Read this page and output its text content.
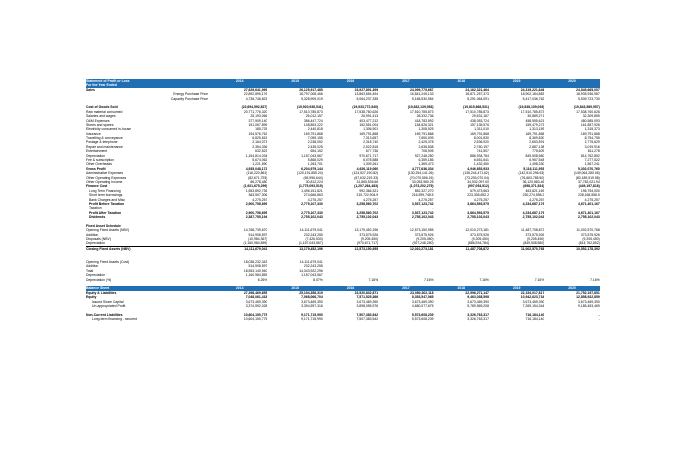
Statement of Profit or Loss	2014	2015	2016	2017	2018	2019	2020
For the Year Ended
Sales	27,629,641,999	26,125,917,485	23,927,891,399	24,099,775,687	24,162,321,464	24,319,221,646	24,545,665,007
Energy Purchase Price	22,892,895,176	18,797,008,466	13,863,654,494	16,841,245,133	18,871,257,373	18,902,184,883	18,935,936,987
Capacity Purchase Price	4,736,746,823	5,328,909,019	5,064,237,335	5,168,530,554	5,291,064,091	5,417,036,762	5,539,723,730
Cost of Goods Sold	(22,694,592,827)	(19,920,938,541)	(19,933,772,540)	(19,832,139,053)	(19,815,668,531)	(19,838,109,093)	(19,843,589,957)
Raw material consumed	20,771,776,320	17,510,785,873	17,538,760,626	17,510,785,873	17,510,785,873	17,510,785,873	17,538,760,626
Salaries and wages	25,193,066	26,012,157	26,991,413	28,332,736	29,531,167	30,889,271	32,309,855
O&M Expenses	377,909,140	386,447,724	403,477,212	418,783,592	438,053,724	458,595,621	480,585,093
Stores and spares	151,067,895	148,853,222	152,551,004	154,826,321	157,135,576	159,479,273	161,857,926
Electricity consumed in-house	185,725	2,440,818	1,306,901	1,308,925	1,311,010	1,313,159	1,315,373
Insurance	194,576,762	169,791,868	169,791,868	169,791,868	169,791,868	169,791,868	169,791,868
Travelling & conveyance	6,825,815	7,059,155	7,313,657	7,650,009	8,001,830	8,369,830	8,754,755
Postage & telephone	2,164,073	2,238,052	2,318,740	2,425,378	2,536,920	2,653,591	2,775,629
Repair and maintenance	2,354,336	2,435,025	2,522,815	2,638,838	2,760,197	2,887,138	3,019,916
Entertainment	632,523	654,152	677,736	708,905	741,507	775,609	811,278
Depreciation	1,154,814,034	1,157,043,567	970,671,717	927,248,250	886,934,784	849,508,580	814,762,852
Fee & subscription	5,674,062	5,868,029	6,078,588	6,359,186	6,651,641	6,957,548	7,277,522
Other Overheads	1,221,590	1,263,701	1,309,261	1,369,473	1,432,450	1,498,330	1,567,241
Gross Profit	4,935,048,172	6,204,979,144	4,626,119,060	4,777,636,334	4,946,653,933	5,116,111,953	5,302,070,760
Administrative Expenses	(116,220,861)	(120,191,855.24)	(124,527,190.82)	(130,254,141.26)	(136,244,471.62)	(142,510,296.63)	(149,064,280.06)
Other Operating Expenses	(82,671,793)	(65,996,644)	(67,632,219.33)	(70,070,556.15)	(73,293,070.04)	(76,663,785.50)	(80,189,519.58)
Other Operating Income	86,278,480	30,812,224	31,865,535.66	33,053,980.25	34,532,097.00	36,120,883.46	37,782,021.94
Finance Cost	(1,921,675,299)	(1,775,093,519)	(1,207,264,483)	(1,073,202,275)	(907,054,512)	(698,371,534)	(449,197,816)
Long Term Financing	1,553,892,735	1,496,151,821	992,366,321	852,327,270	679,473,563	463,821,169	196,754,000
Short term borrowings	363,507,306	274,666,863	210,722,904.9	216,599,748.5	223,305,692.2	230,274,598.2	238,168,558.5
Bank Charges and Misc	4,275,257	4,275,257	4,275,257	4,275,257	4,275,257	4,275,257	4,275,257
Profit Before Taxation	2,900,758,699	2,775,107,330	3,258,560,702	3,537,123,742	3,864,593,575	4,234,687,179	4,671,401,167
Taxation	-	-	-	-	-	-	-
Profit After Taxation	2,900,758,699	2,775,107,330	3,258,560,702	3,537,123,742	3,864,593,575	4,234,687,179	4,671,401,167
Dividends	2,387,755,194	2,755,102,043	2,755,102,043	2,755,102,043	2,755,102,043	2,755,102,043	2,755,102,043
Fixed Asset Schedule
Opening Fixed Assets (NBV)	14,768,739,670	14,111,679,041	13,179,452,196	12,573,150,955	12,010,273,181	11,487,708,872	11,002,570,768
Addition	514,908,597	232,243,255	373,575,926	373,575,926	373,575,926	373,575,926	373,575,926
Disposals (NBV)	(10,984,367)	(7,426,533)	(9,205,450)	(9,205,450)	(9,205,450)	(9,205,450)	(9,205,450)
Depreciation	(1,160,984,859)	(1,157,043,567)	(970,671,717)	(927,248,250)	(886,934,784)	(849,508,580)	(814,762,852)
Closing Fixed Assets (NBV)	14,111,679,041	13,179,452,196	12,573,150,955	12,010,273,181	11,487,708,872	11,002,570,768	10,552,178,392
Opening Fixed Assets (Cost)	18,038,232,343	14,111,679,041
Addition	514,908,597	232,243,255
Total	18,553,140,940	14,343,922,296
Depreciation	1,160,984,859	1,157,043,567
Depreciation (%)	6.26%	8.07%	7.16%	7.16%	7.16%	7.16%	7.16%
Balance Sheet	2014	2015	2016	2017	2018	2019	2020
Equity & Liabilities	27,398,469,655	25,194,356,319	23,520,832,871	23,080,302,118	22,596,271,147	22,154,017,817	21,752,197,851
Equity	7,048,061,418	7,068,066,704	7,571,525,366	8,353,547,065	9,463,038,598	10,942,623,734	12,858,922,859
Issued Share Capital	3,673,469,390	3,673,469,390	3,673,469,390	3,673,469,390	3,673,469,390	3,673,469,390	3,673,469,390
Un-appropriated Profit	3,374,592,028	3,394,597,316	3,898,055,976	4,680,077,675	5,789,569,208	7,269,154,344	9,185,453,469
Non-Current Liabilities	10,604,150,775	9,171,715,990	7,507,383,542	5,573,608,239	3,326,763,317	716,184,140	-
Long-term financing - secured	10,604,150,775	9,171,715,990	7,507,383,542	5,573,608,239	3,326,763,317	716,184,140	-
